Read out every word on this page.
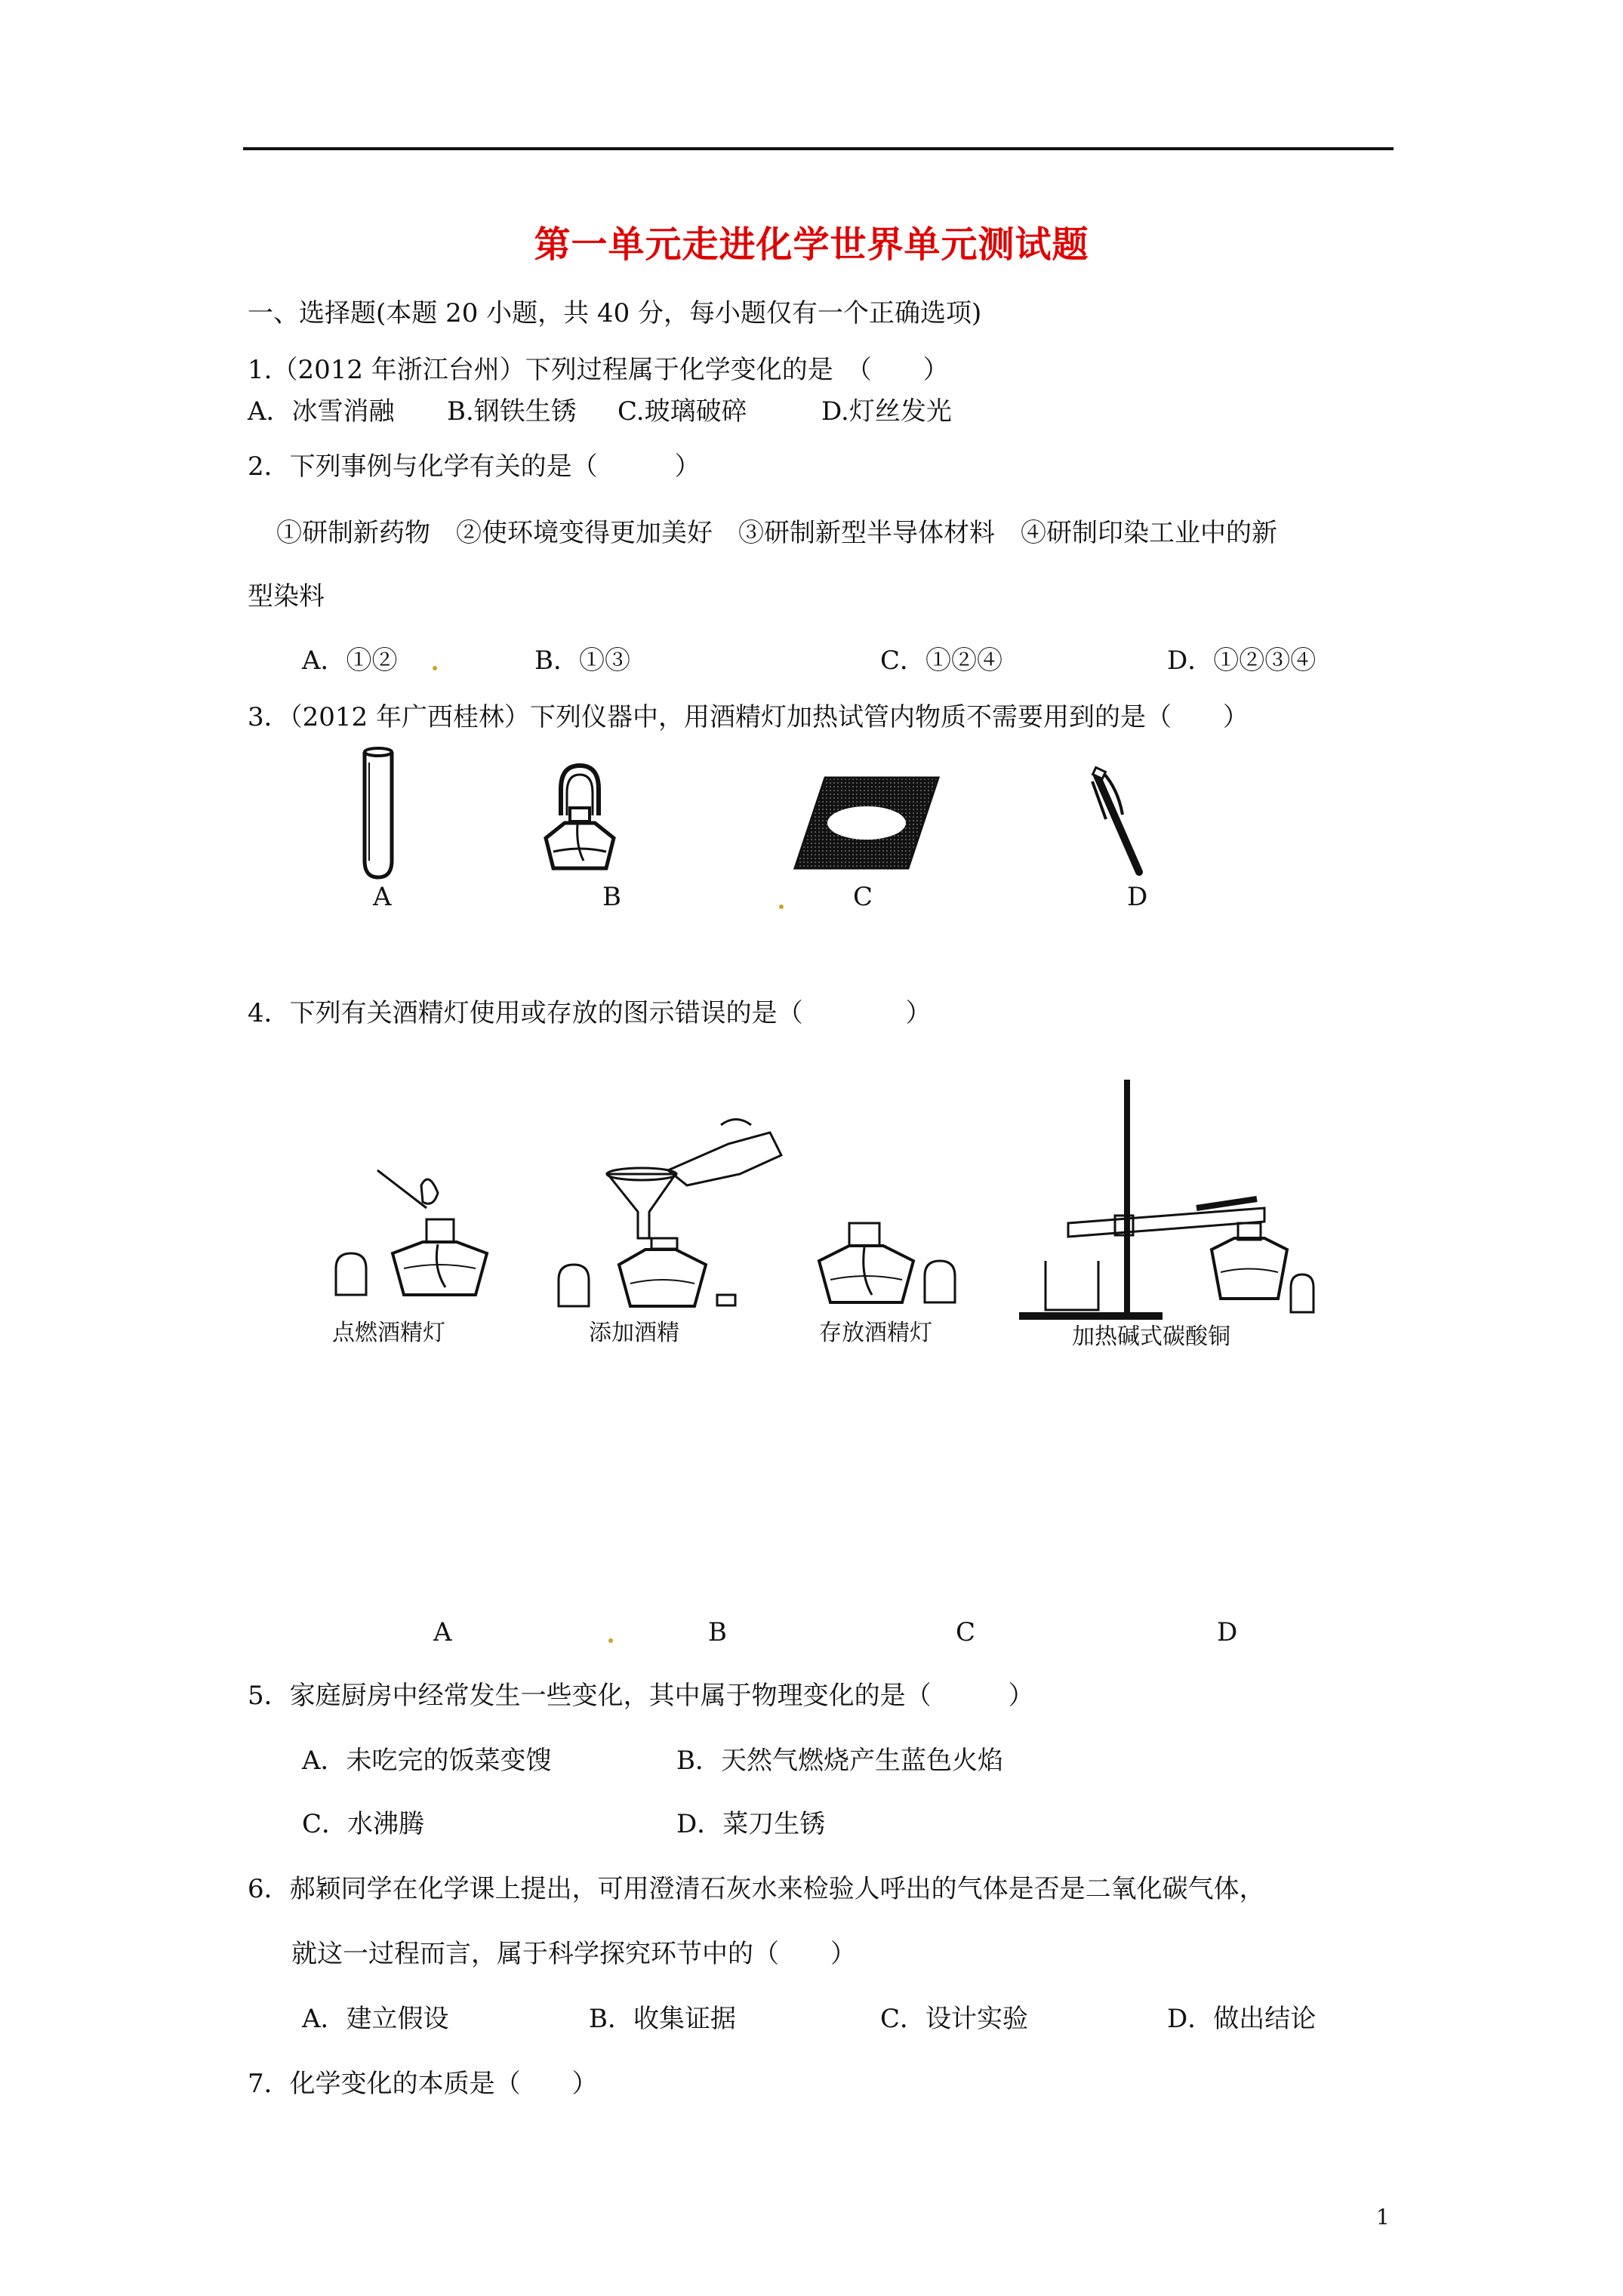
第一单元走进化学世界单元测试题
一、选择题(本题 20 小题，共 40 分，每小题仅有一个正确选项)
1.（2012 年浙江台州）下列过程属于化学变化的是　（　　）
A．冰雪消融 B.钢铁生锈 C.玻璃破碎	D.灯丝发光
2．下列事例与化学有关的是（　　　）
①研制新药物　②使环境变得更加美好　③研制新型半导体材料　④研制印染工业中的新
型染料
A．①②	B．①③	C．①②④	D．①②③④
3．（2012 年广西桂林）下列仪器中，用酒精灯加热试管内物质不需要用到的是（　　）
A	B	C	D
4．下列有关酒精灯使用或存放的图示错误的是（　　　　）
点燃酒精灯	添加酒精	存放酒精灯	加热碱式碳酸铜
A	B	C	D
5．家庭厨房中经常发生一些变化，其中属于物理变化的是（　　　）
A．未吃完的饭菜变馊	B．天然气燃烧产生蓝色火焰
C．水沸腾	D．菜刀生锈
6．郝颖同学在化学课上提出，可用澄清石灰水来检验人呼出的气体是否是二氧化碳气体，
就这一过程而言，属于科学探究环节中的（　　）
A．建立假设	B．收集证据	C．设计实验	D．做出结论
7．化学变化的本质是（　　）
1
